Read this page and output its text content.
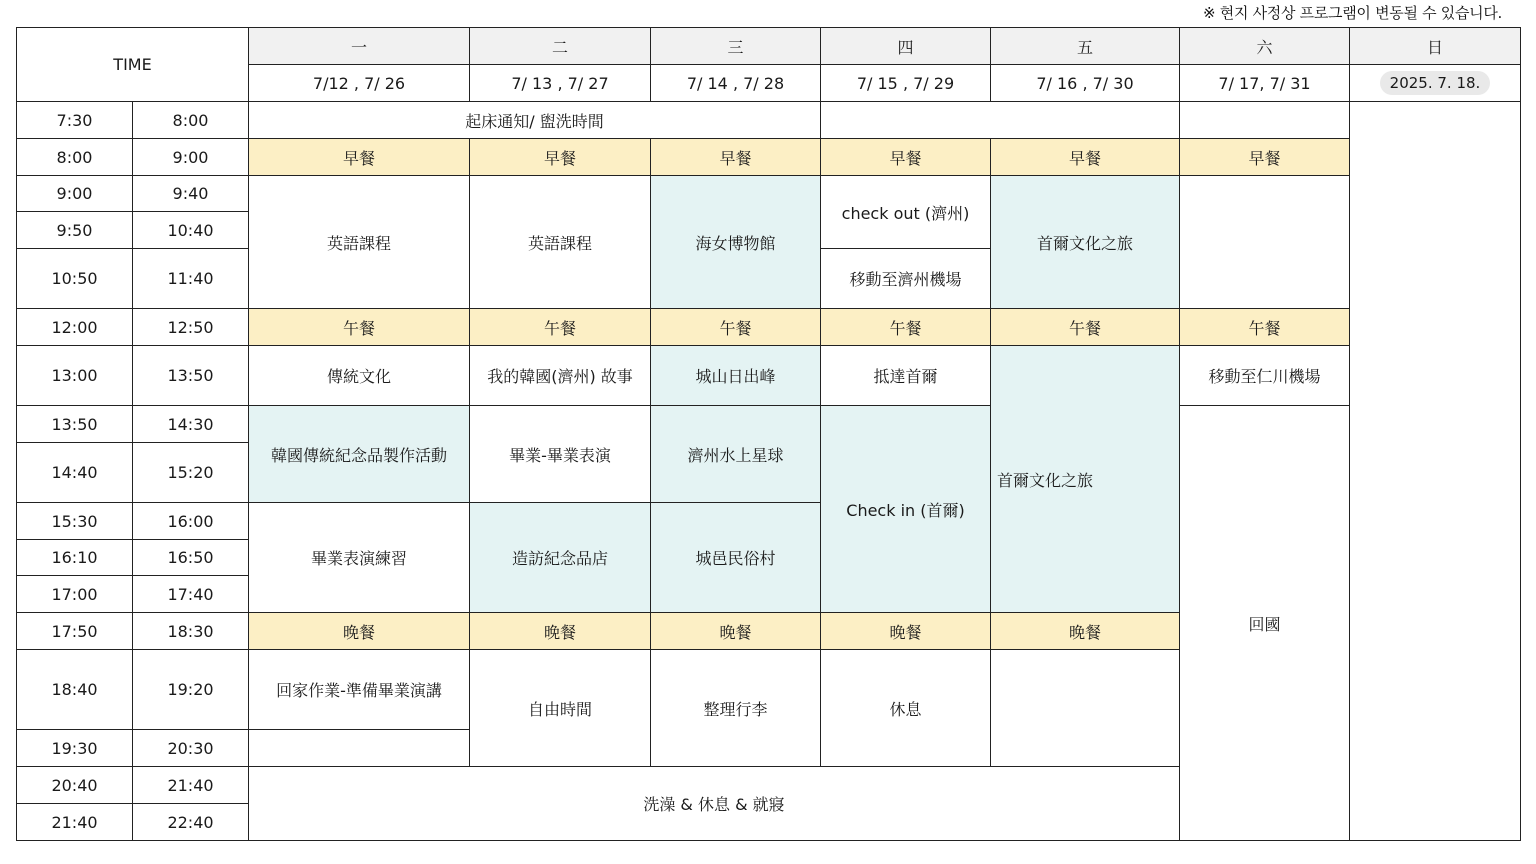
※ 현지 사정상 프로그램이 변동될 수 있습니다.
TIME		一	二	三	四	五	六	日
		7/12 , 7/ 26	7/ 13 , 7/ 27	7/ 14 , 7/ 28	7/ 15 , 7/ 29	7/ 16 , 7/ 30	7/ 17, 7/ 31	2025. 7. 18.
7:30	8:00	起床通知/ 盥洗時間						
8:00	9:00	早餐	早餐	早餐	早餐	早餐	早餐	
9:00	9:40	英語課程	英語課程	海女博物館	check out (濟州)	首爾文化之旅		
9:50	10:40							
10:50	11:40				移動至濟州機場			
12:00	12:50	午餐	午餐	午餐	午餐	午餐	午餐	
13:00	13:50	傳統文化	我的韓國(濟州) 故事	城山日出峰	抵達首爾	首爾文化之旅	移動至仁川機場	
13:50	14:30	韓國傳統紀念品製作活動	畢業-畢業表演	濟州水上星球	Check in (首爾)		回國	
14:40	15:20							
15:30	16:00	畢業表演練習	造訪紀念品店	城邑民俗村				
16:10	16:50							
17:00	17:40							
17:50	18:30	晚餐	晚餐	晚餐	晚餐	晚餐		
18:40	19:20	回家作業-準備畢業演講	自由時間	整理行李	休息			
19:30	20:30							
20:40	21:40	洗澡 & 休息 & 就寢						
21:40	22:40							
